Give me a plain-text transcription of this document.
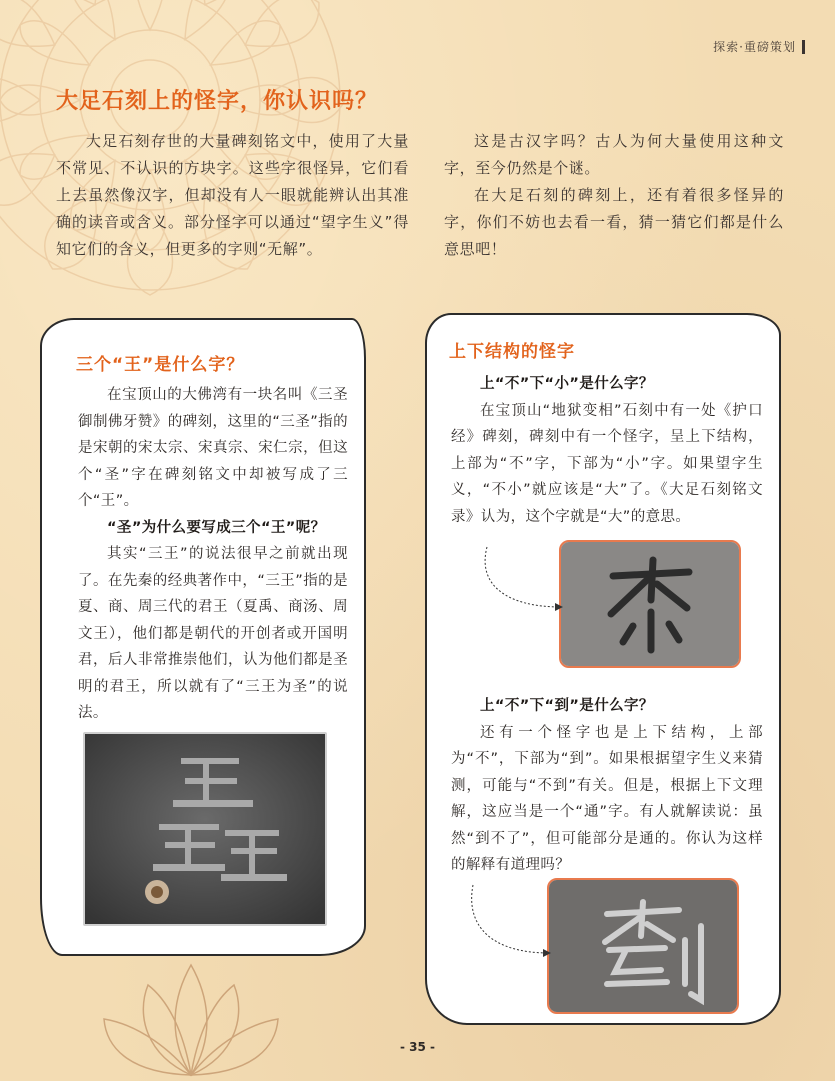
探索·重磅策划
大足石刻上的怪字，你认识吗？

大足石刻存世的大量碑刻铭文中，使用了大量不常见、不认识的方块字。这些字很怪异，它们看上去虽然像汉字，但却没有人一眼就能辨认出其准确的读音或含义。部分怪字可以通过“望字生义”得知它们的含义，但更多的字则“无解”。

这是古汉字吗？古人为何大量使用这种文字，至今仍然是个谜。

在大足石刻的碑刻上，还有着很多怪异的字，你们不妨也去看一看，猜一猜它们都是什么意思吧！

三个“王”是什么字？

在宝顶山的大佛湾有一块名叫《三圣御制佛牙赞》的碑刻，这里的“三圣”指的是宋朝的宋太宗、宋真宗、宋仁宗，但这个“圣”字在碑刻铭文中却被写成了三个“王”。

“圣”为什么要写成三个“王”呢？

其实“三王”的说法很早之前就出现了。在先秦的经典著作中，“三王”指的是夏、商、周三代的君王（夏禹、商汤、周文王），他们都是朝代的开创者或开国明君，后人非常推崇他们，认为他们都是圣明的君王，所以就有了“三王为圣”的说法。

上下结构的怪字

上“不”下“小”是什么字？

在宝顶山“地狱变相”石刻中有一处《护口经》碑刻，碑刻中有一个怪字，呈上下结构，上部为“不”字，下部为“小”字。如果望字生义，“不小”就应该是“大”了。《大足石刻铭文录》认为，这个字就是“大”的意思。

上“不”下“到”是什么字？

还有一个怪字也是上下结构，上部为“不”，下部为“到”。如果根据望字生义来猜测，可能与“不到”有关。但是，根据上下文理解，这应当是一个“通”字。有人就解读说：虽然“到不了”，但可能部分是通的。你认为这样的解释有道理吗？

- 35 -
